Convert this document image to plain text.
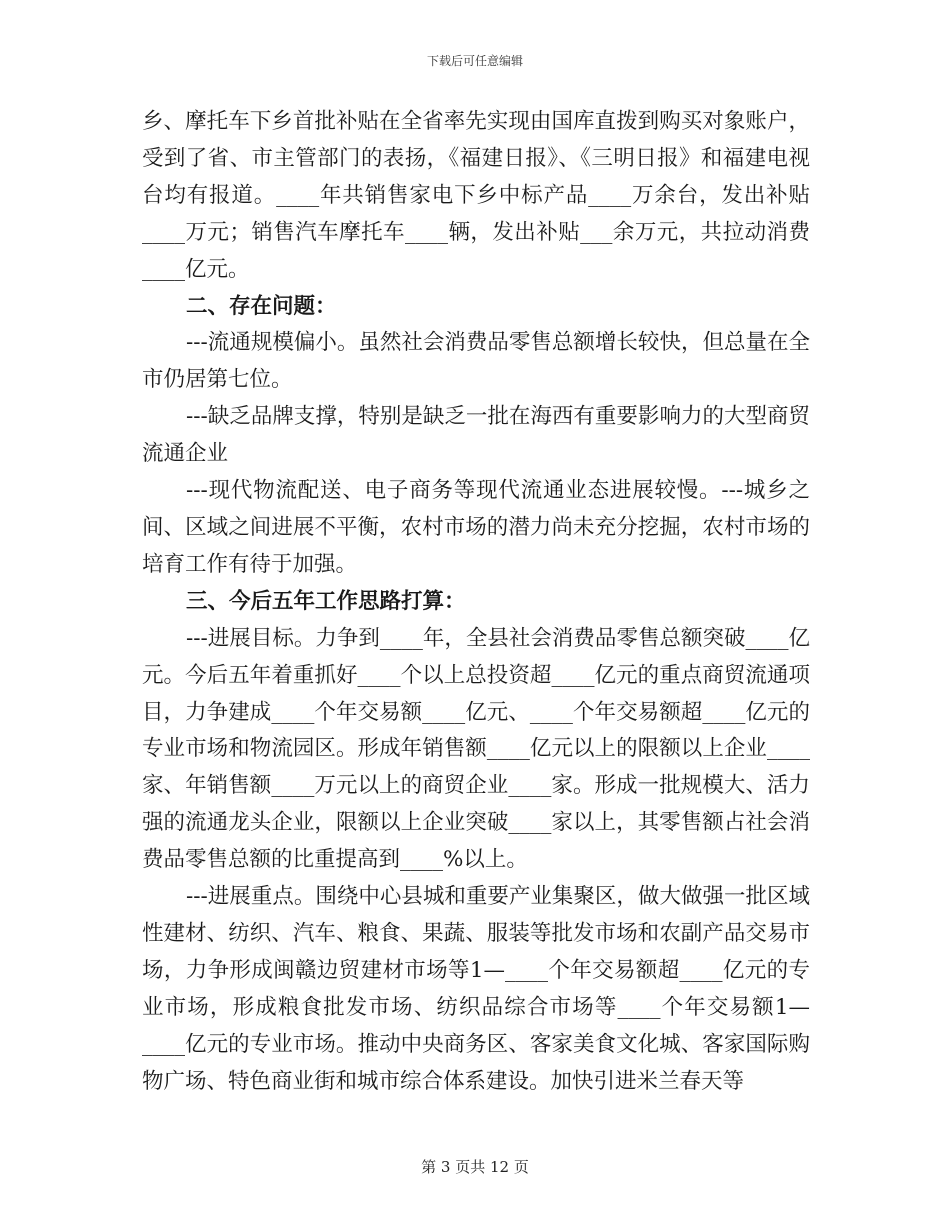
下载后可任意编辑

乡、摩托车下乡首批补贴在全省率先实现由国库直拨到购买对象账户，受到了省、市主管部门的表扬，《福建日报》、《三明日报》和福建电视台均有报道。____年共销售家电下乡中标产品____万余台，发出补贴____万元；销售汽车摩托车____辆，发出补贴___余万元，共拉动消费____亿元。

二、存在问题：

---流通规模偏小。虽然社会消费品零售总额增长较快，但总量在全市仍居第七位。

---缺乏品牌支撑，特别是缺乏一批在海西有重要影响力的大型商贸流通企业

---现代物流配送、电子商务等现代流通业态进展较慢。---城乡之间、区域之间进展不平衡，农村市场的潜力尚未充分挖掘，农村市场的培育工作有待于加强。

三、今后五年工作思路打算：

---进展目标。力争到____年，全县社会消费品零售总额突破____亿元。今后五年着重抓好____个以上总投资超____亿元的重点商贸流通项目，力争建成____个年交易额____亿元、____个年交易额超____亿元的专业市场和物流园区。形成年销售额____亿元以上的限额以上企业____家、年销售额____万元以上的商贸企业____家。形成一批规模大、活力强的流通龙头企业，限额以上企业突破____家以上，其零售额占社会消费品零售总额的比重提高到____%以上。

---进展重点。围绕中心县城和重要产业集聚区，做大做强一批区域性建材、纺织、汽车、粮食、果蔬、服装等批发市场和农副产品交易市场，力争形成闽赣边贸建材市场等1—____个年交易额超____亿元的专业市场，形成粮食批发市场、纺织品综合市场等____个年交易额1—____亿元的专业市场。推动中央商务区、客家美食文化城、客家国际购物广场、特色商业街和城市综合体系建设。加快引进米兰春天等

第 3 页共 12 页
